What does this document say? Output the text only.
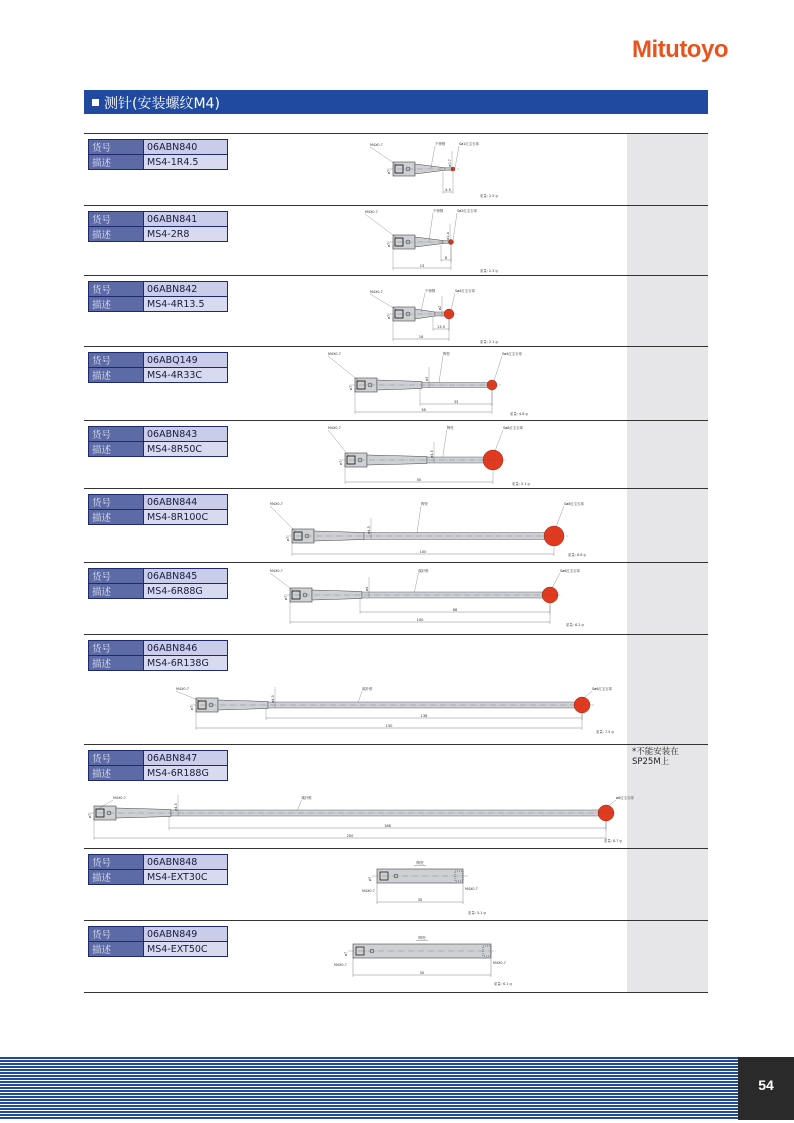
Mitutoyo
测针(安装螺纹M4)
货号	06ABN840
描述	MS4-1R4.5
货号	06ABN841
描述	MS4-2R8
货号	06ABN842
描述	MS4-4R13.5
货号	06ABQ149
描述	MS4-4R33C
货号	06ABN843
描述	MS4-8R50C
货号	06ABN844
描述	MS4-8R100C
货号	06ABN845
描述	MS4-6R88G
货号	06ABN846
描述	MS4-6R138G
货号	06ABN847
描述	MS4-6R188G
*不能安装在 SP25M上
货号	06ABN848
描述	MS4-EXT30C
货号	06ABN849
描述	MS4-EXT50C
4.5
ø7
ø0.7
M4X0.7	不锈钢	Sø1红宝石球
质量: 2.5 g
8
13
ø7
ø1.4
M4X0.7	不锈钢	Sø2红宝石球
质量: 2.3 g
13.5
18
ø7
ø2
M4X0.7	不锈钢	Sø4红宝石球
质量: 2.1 g
33
38
ø7
ø3
M4X0.7	陶瓷	Sø4红宝石球
质量: 4.8 g
50
ø7
ø4.5
M4X0.7	陶瓷	Sø8红宝石球
质量: 5.1 g
100
ø7
ø4.5
M4X0.7	陶瓷	Sø8红宝石球
质量: 6.6 g
88
100
ø7
ø4
M4X0.7	碳纤维	Sø6红宝石球
质量: 6.2 g
138
150
ø7
ø4.5
M4X0.7	碳纤维	Sø6红宝石球
质量: 7.5 g
188
200
ø7
ø4.5
M4X0.7	碳纤维	ø6红宝石球
质量: 8.7 g
30
ø7
陶瓷
M4X0.7	M4X0.7
质量: 5.1 g
50
ø7
陶瓷
M4X0.7	M4X0.7
质量: 6.1 g
54
